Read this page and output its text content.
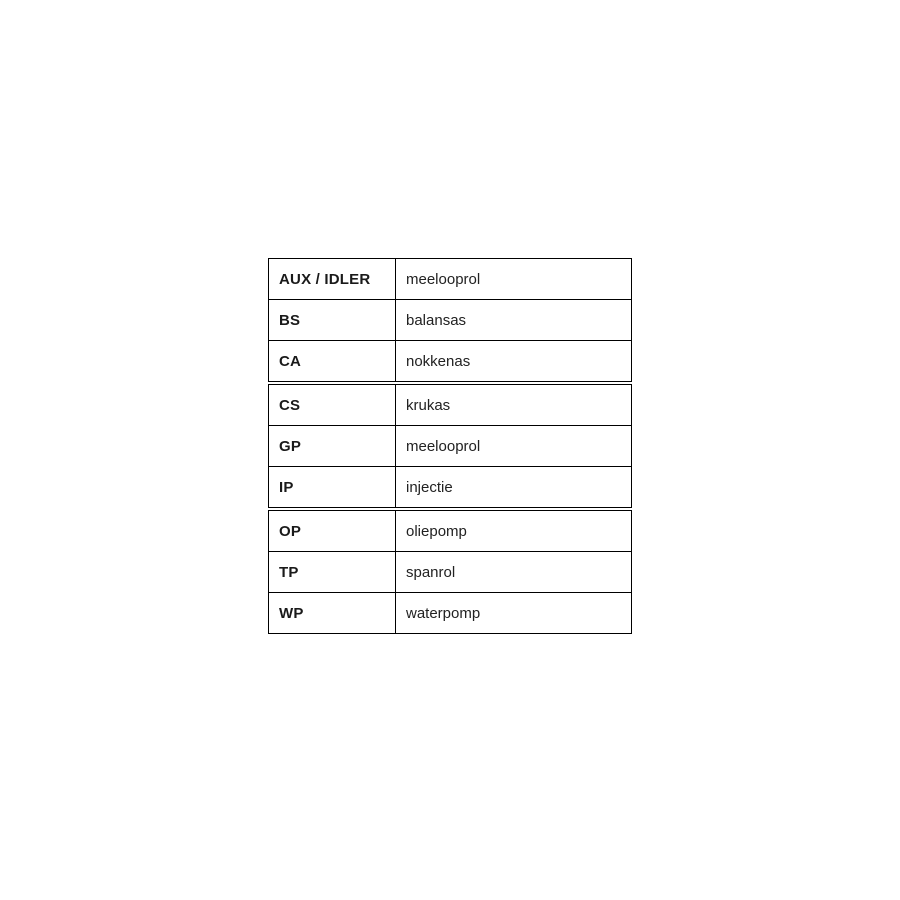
AUX / IDLER	meelooprol
BS	balansas
CA	nokkenas
CS	krukas
GP	meelooprol
IP	injectie
OP	oliepomp
TP	spanrol
WP	waterpomp
